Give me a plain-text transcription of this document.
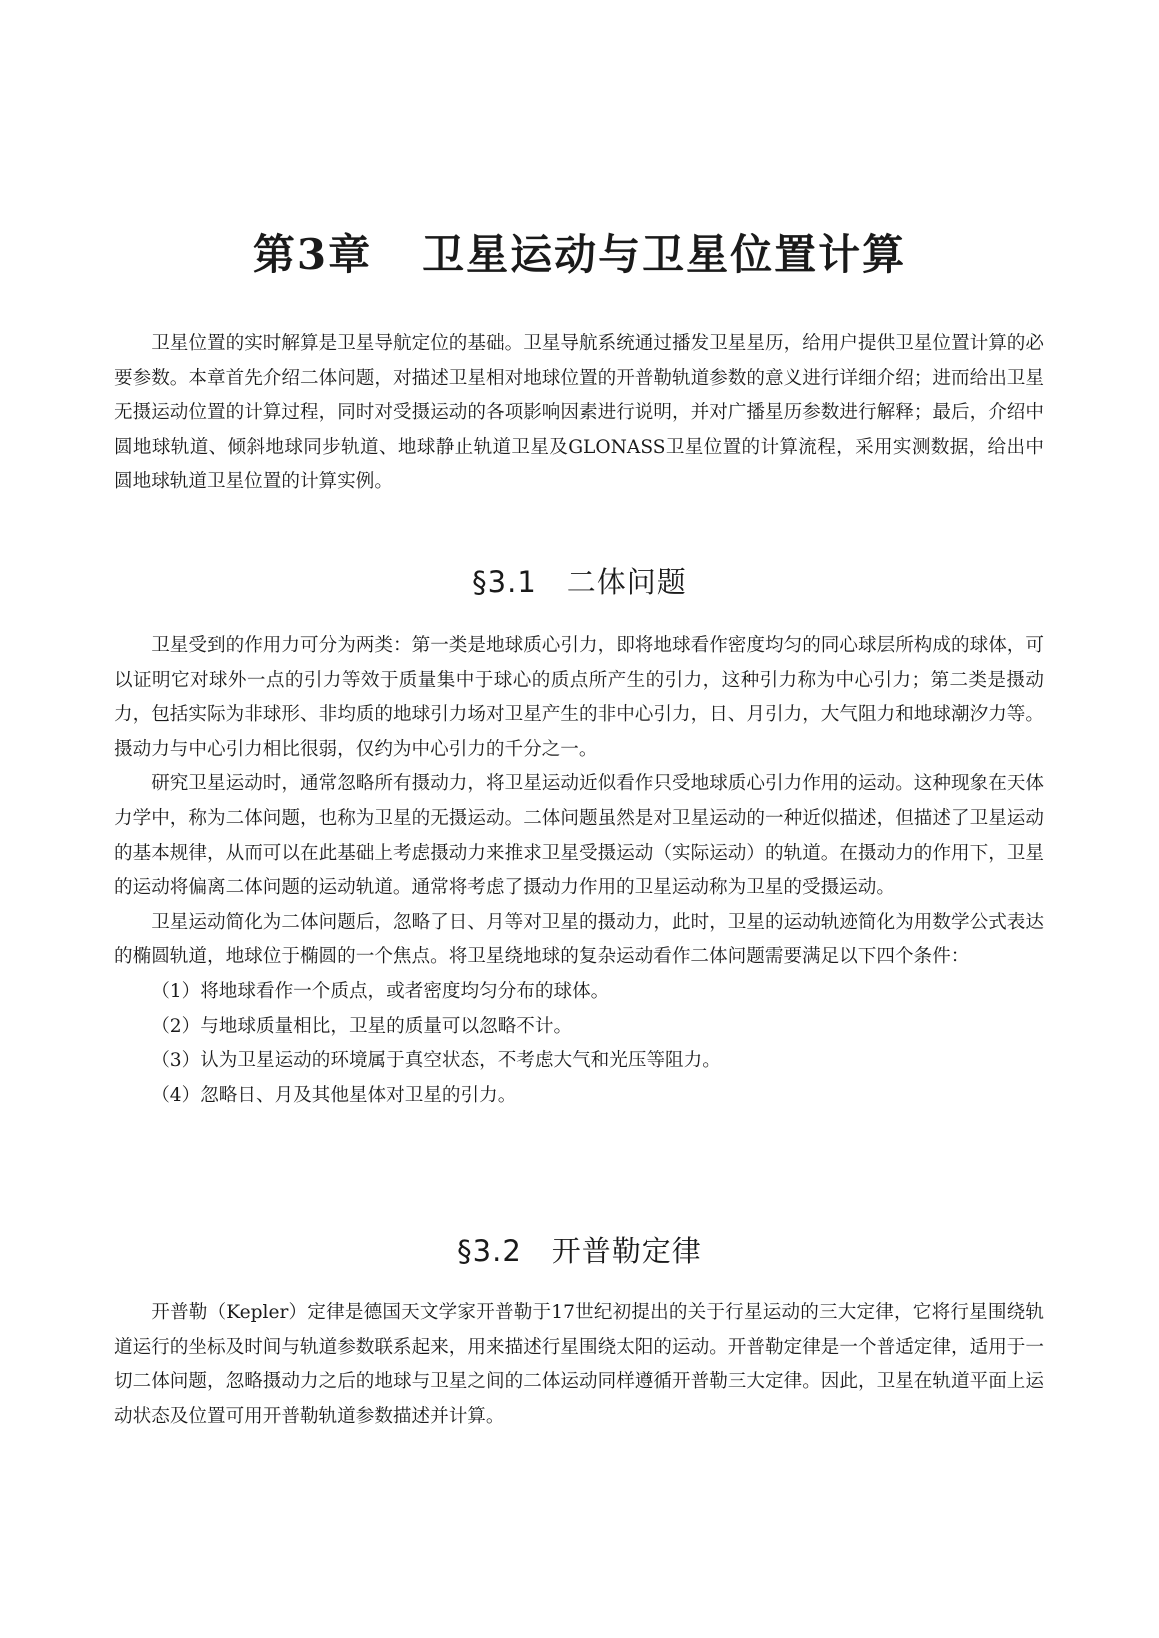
第3章 卫星运动与卫星位置计算

卫星位置的实时解算是卫星导航定位的基础。卫星导航系统通过播发卫星星历，给用户提供卫星位置计算的必要参数。本章首先介绍二体问题，对描述卫星相对地球位置的开普勒轨道参数的意义进行详细介绍；进而给出卫星无摄运动位置的计算过程，同时对受摄运动的各项影响因素进行说明，并对广播星历参数进行解释；最后，介绍中圆地球轨道、倾斜地球同步轨道、地球静止轨道卫星及GLONASS卫星位置的计算流程，采用实测数据，给出中圆地球轨道卫星位置的计算实例。

§3.1 二体问题

卫星受到的作用力可分为两类：第一类是地球质心引力，即将地球看作密度均匀的同心球层所构成的球体，可以证明它对球外一点的引力等效于质量集中于球心的质点所产生的引力，这种引力称为中心引力；第二类是摄动力，包括实际为非球形、非均质的地球引力场对卫星产生的非中心引力，日、月引力，大气阻力和地球潮汐力等。摄动力与中心引力相比很弱，仅约为中心引力的千分之一。

研究卫星运动时，通常忽略所有摄动力，将卫星运动近似看作只受地球质心引力作用的运动。这种现象在天体力学中，称为二体问题，也称为卫星的无摄运动。二体问题虽然是对卫星运动的一种近似描述，但描述了卫星运动的基本规律，从而可以在此基础上考虑摄动力来推求卫星受摄运动（实际运动）的轨道。在摄动力的作用下，卫星的运动将偏离二体问题的运动轨道。通常将考虑了摄动力作用的卫星运动称为卫星的受摄运动。

卫星运动简化为二体问题后，忽略了日、月等对卫星的摄动力，此时，卫星的运动轨迹简化为用数学公式表达的椭圆轨道，地球位于椭圆的一个焦点。将卫星绕地球的复杂运动看作二体问题需要满足以下四个条件：

（1）将地球看作一个质点，或者密度均匀分布的球体。

（2）与地球质量相比，卫星的质量可以忽略不计。

（3）认为卫星运动的环境属于真空状态，不考虑大气和光压等阻力。

（4）忽略日、月及其他星体对卫星的引力。

§3.2 开普勒定律

开普勒（Kepler）定律是德国天文学家开普勒于17世纪初提出的关于行星运动的三大定律，它将行星围绕轨道运行的坐标及时间与轨道参数联系起来，用来描述行星围绕太阳的运动。开普勒定律是一个普适定律，适用于一切二体问题，忽略摄动力之后的地球与卫星之间的二体运动同样遵循开普勒三大定律。因此，卫星在轨道平面上运动状态及位置可用开普勒轨道参数描述并计算。
